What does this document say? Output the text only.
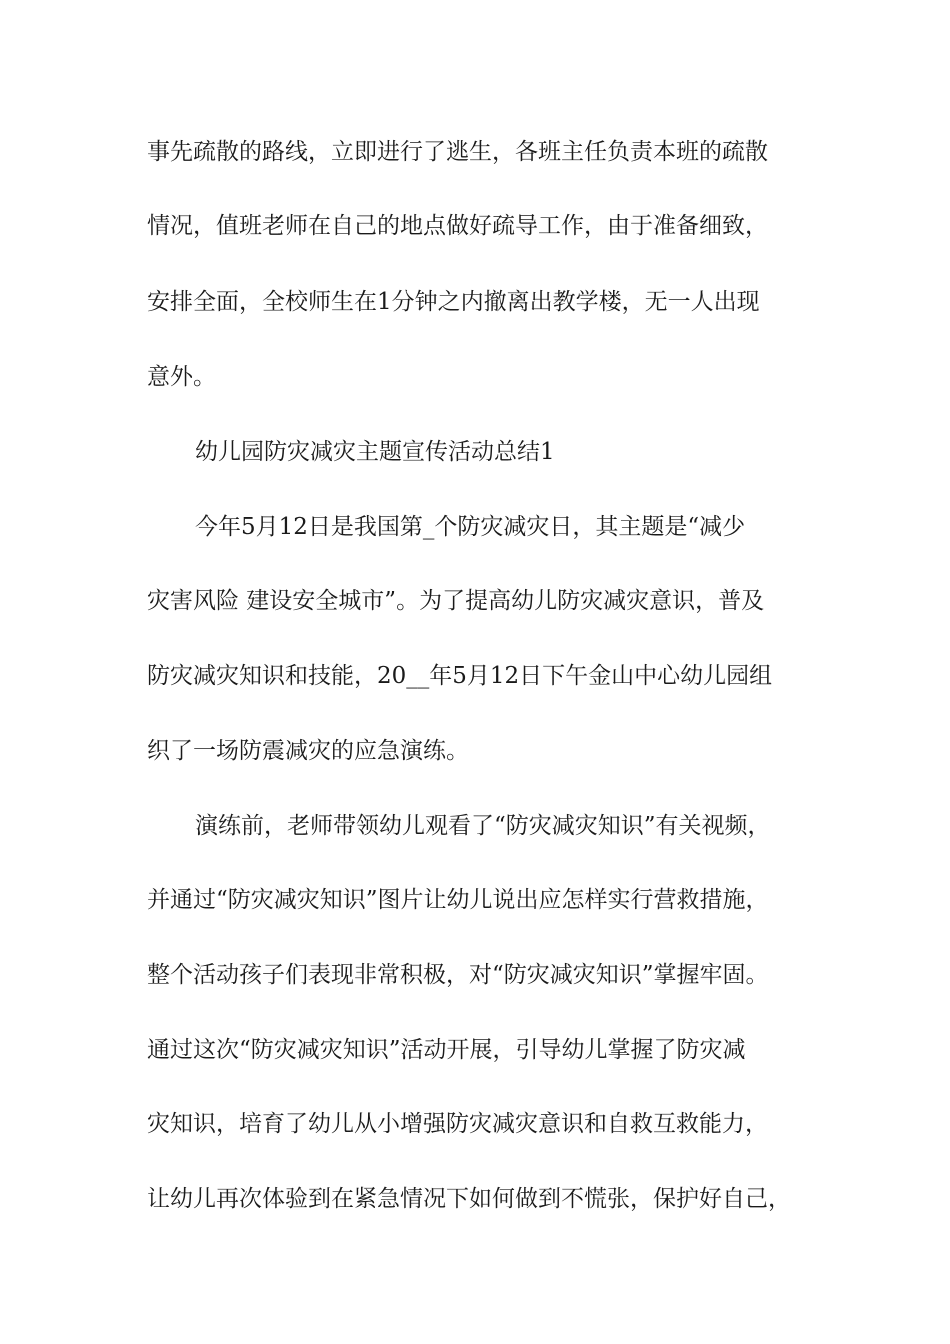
事先疏散的路线，立即进行了逃生，各班主任负责本班的疏散
情况，值班老师在自己的地点做好疏导工作，由于准备细致，
安排全面，全校师生在1分钟之内撤离出教学楼，无一人出现
意外。
幼儿园防灾减灾主题宣传活动总结1
今年5月12日是我国第_个防灾减灾日，其主题是“减少
灾害风险 建设安全城市”。为了提高幼儿防灾减灾意识，普及
防灾减灾知识和技能，20__年5月12日下午金山中心幼儿园组
织了一场防震减灾的应急演练。
演练前，老师带领幼儿观看了“防灾减灾知识”有关视频，
并通过“防灾减灾知识”图片让幼儿说出应怎样实行营救措施，
整个活动孩子们表现非常积极，对“防灾减灾知识”掌握牢固。
通过这次“防灾减灾知识”活动开展，引导幼儿掌握了防灾减
灾知识，培育了幼儿从小增强防灾减灾意识和自救互救能力，
让幼儿再次体验到在紧急情况下如何做到不慌张，保护好自己，
